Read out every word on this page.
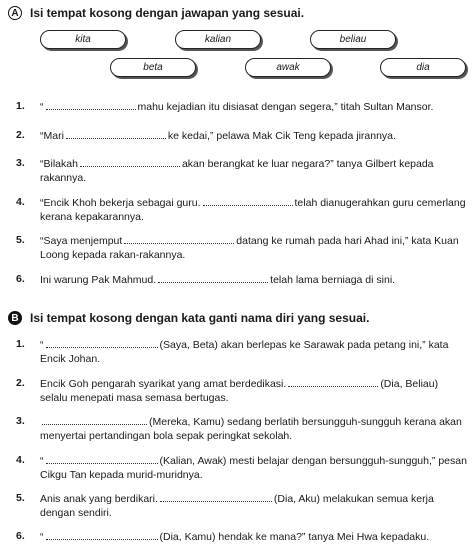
A Isi tempat kosong dengan jawapan yang sesuai.
kita	kalian	beliau
beta	awak	dia
1.	“	mahu kejadian itu disiasat dengan segera,” titah Sultan Mansor.
2.	“Mari	ke kedai,” pelawa Mak Cik Teng kepada jirannya.
3.	“Bilakah	akan berangkat ke luar negara?” tanya Gilbert kepada rakannya.
4.	“Encik Khoh bekerja sebagai guru.	telah dianugerahkan guru cemerlang kerana kepakarannya.
5.	“Saya menjemput	datang ke rumah pada hari Ahad ini,” kata Kuan Loong kepada rakan-rakannya.
6.	Ini warung Pak Mahmud.	telah lama berniaga di sini.
B Isi tempat kosong dengan kata ganti nama diri yang sesuai.
1.	“	(Saya, Beta) akan berlepas ke Sarawak pada petang ini,” kata Encik Johan.
2.	Encik Goh pengarah syarikat yang amat berdedikasi.	(Dia, Beliau) selalu menepati masa semasa bertugas.
3.	(Mereka, Kamu) sedang berlatih bersungguh-sungguh kerana akan menyertai pertandingan bola sepak peringkat sekolah.
4.	“	(Kalian, Awak) mesti belajar dengan bersungguh-sungguh,” pesan Cikgu Tan kepada murid-muridnya.
5.	Anis anak yang berdikari.	(Dia, Aku) melakukan semua kerja dengan sendiri.
6.	“	(Dia, Kamu) hendak ke mana?” tanya Mei Hwa kepadaku.
